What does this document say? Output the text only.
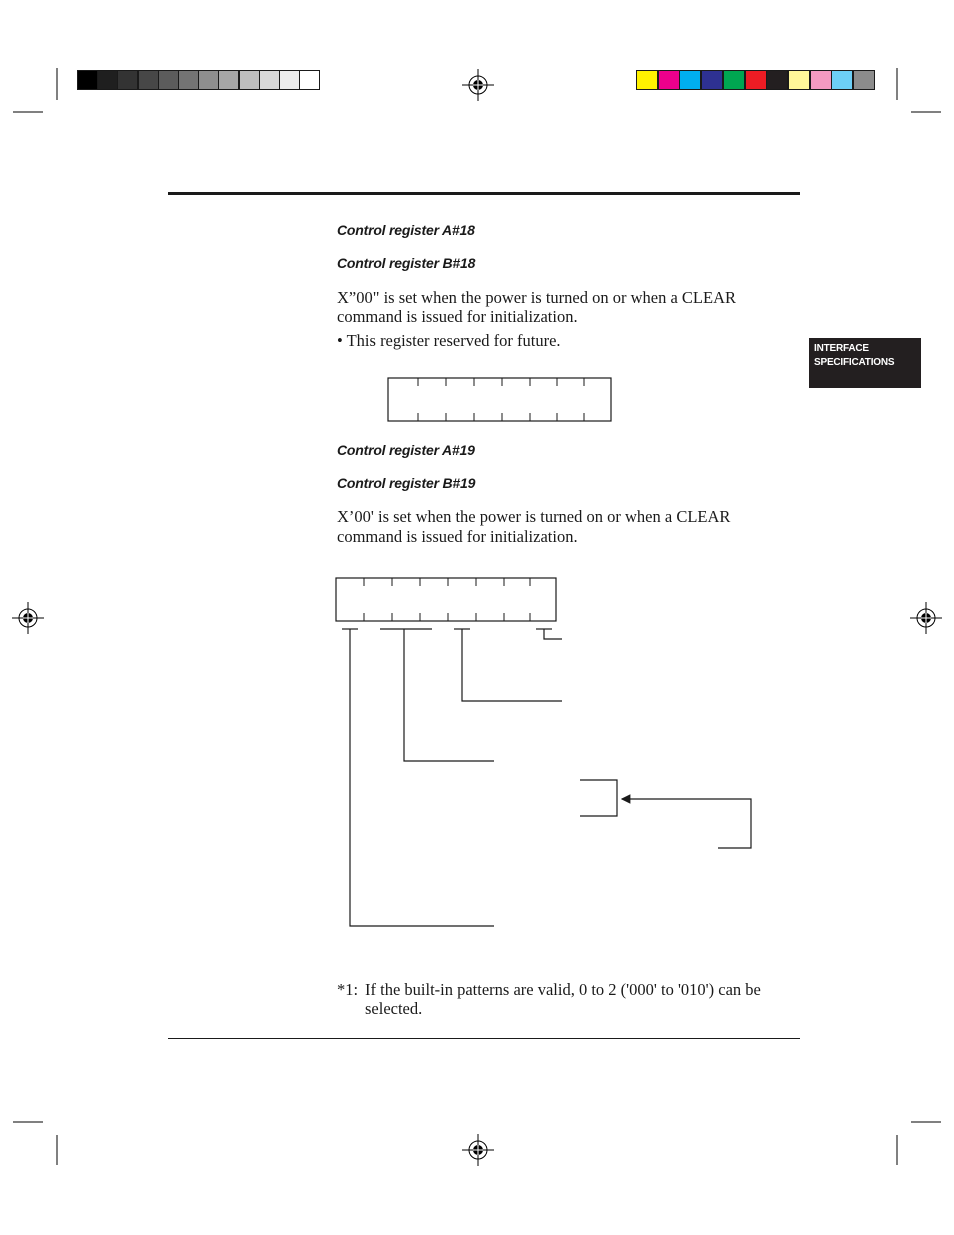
INTERFACE
SPECIFICATIONS
Control register A#18
Control register B#18
X”00" is set when the power is turned on or when a CLEAR
command is issued for initialization.
• This register reserved for future.
Control register A#19
Control register B#19
X’00' is set when the power is turned on or when a CLEAR
command is issued for initialization.
*1: If the built-in patterns are valid, 0 to 2 ('000' to '010') can be
selected.
